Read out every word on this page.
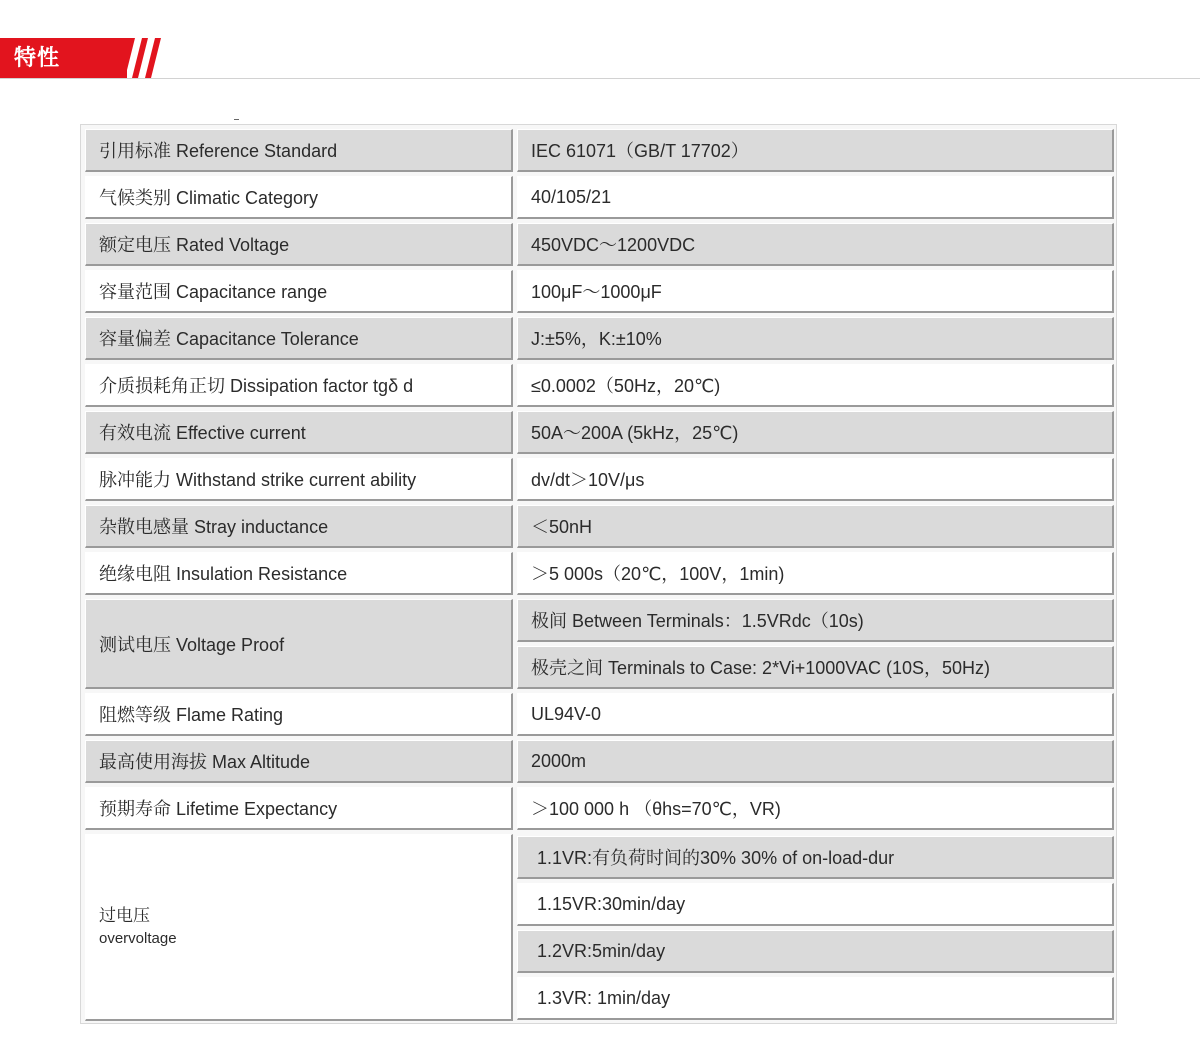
特性
引用标准 Reference Standard	IEC 61071（GB/T 17702）
气候类别 Climatic Category	40/105/21
额定电压 Rated Voltage	450VDC～1200VDC
容量范围 Capacitance range	100μF～1000μF
容量偏差 Capacitance Tolerance	J:±5%，K:±10%
介质损耗角正切 Dissipation factor tgδ d	≤0.0002（50Hz，20℃)
有效电流 Effective current	50A～200A (5kHz，25℃)
脉冲能力 Withstand strike current ability	dv/dt＞10V/μs
杂散电感量 Stray inductance	＜50nH
绝缘电阻 Insulation Resistance	＞5 000s（20℃，100V，1min)
测试电压 Voltage Proof
极间 Between Terminals：1.5VRdc（10s)
极壳之间 Terminals to Case: 2*Vi+1000VAC (10S，50Hz)
阻燃等级 Flame Rating	UL94V-0
最高使用海拔 Max Altitude	2000m
预期寿命 Lifetime Expectancy	＞100 000 h （θhs=70℃，VR)
过电压
overvoltage
1.1VR:有负荷时间的30% 30% of on-load-dur
1.15VR:30min/day
1.2VR:5min/day
1.3VR: 1min/day
